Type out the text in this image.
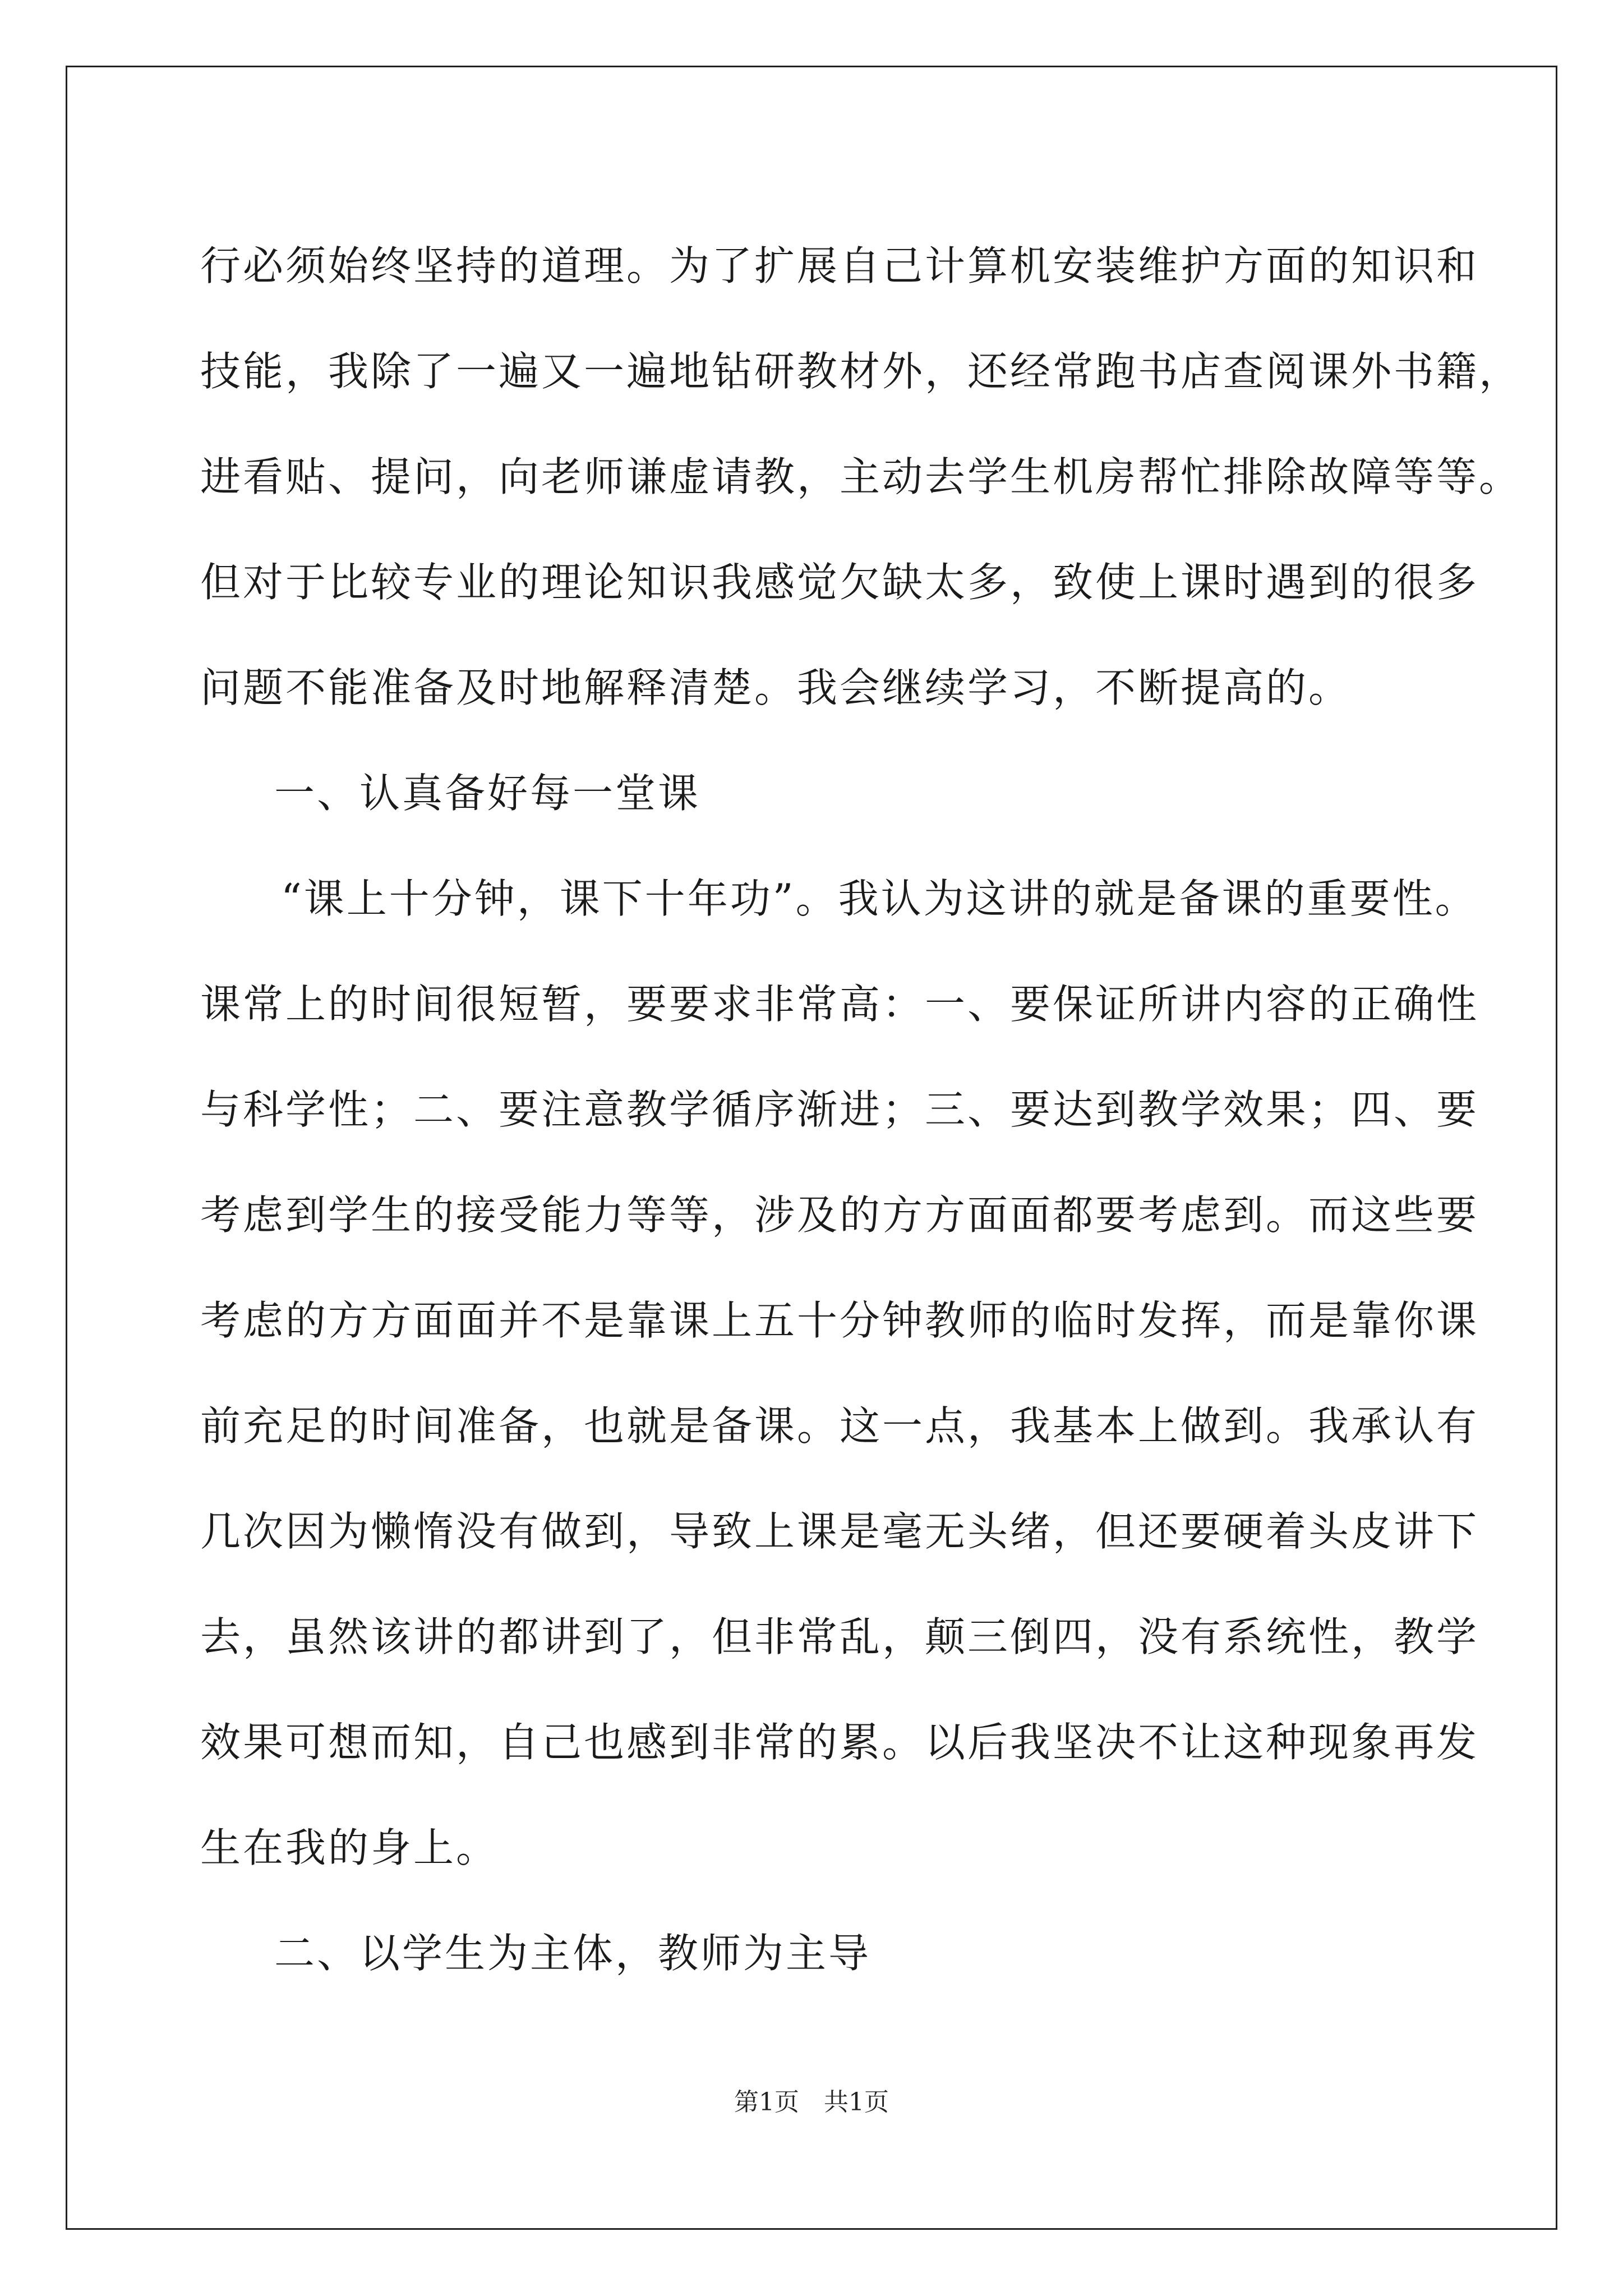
行必须始终坚持的道理。为了扩展自己计算机安装维护方面的知识和
技能，我除了一遍又一遍地钻研教材外，还经常跑书店查阅课外书籍，
进看贴、提问，向老师谦虚请教，主动去学生机房帮忙排除故障等等。
但对于比较专业的理论知识我感觉欠缺太多，致使上课时遇到的很多
问题不能准备及时地解释清楚。我会继续学习，不断提高的。
一、认真备好每一堂课
“课上十分钟，课下十年功”。我认为这讲的就是备课的重要性。
课常上的时间很短暂，要要求非常高：一、要保证所讲内容的正确性
与科学性；二、要注意教学循序渐进；三、要达到教学效果；四、要
考虑到学生的接受能力等等，涉及的方方面面都要考虑到。而这些要
考虑的方方面面并不是靠课上五十分钟教师的临时发挥，而是靠你课
前充足的时间准备，也就是备课。这一点，我基本上做到。我承认有
几次因为懒惰没有做到，导致上课是毫无头绪，但还要硬着头皮讲下
去，虽然该讲的都讲到了，但非常乱，颠三倒四，没有系统性，教学
效果可想而知，自己也感到非常的累。以后我坚决不让这种现象再发
生在我的身上。
二、以学生为主体，教师为主导
第1页　共1页
